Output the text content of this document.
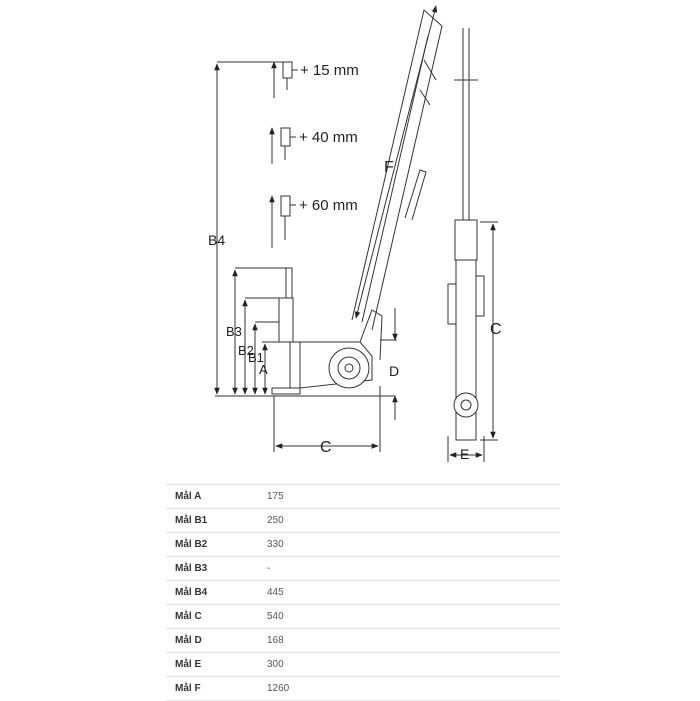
+ 15 mm
+ 40 mm
+ 60 mm
B4
B3
B2
B1
A
F
D
C
C
E
Mål A	175
Mål B1	250
Mål B2	330
Mål B3	-
Mål B4	445
Mål C	540
Mål D	168
Mål E	300
Mål F	1260
